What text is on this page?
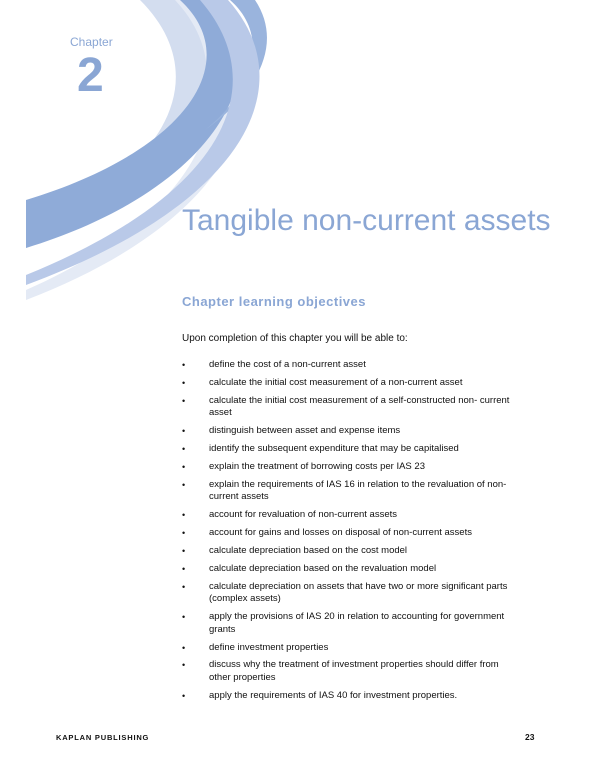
Chapter
2
Tangible non-current assets
Chapter learning objectives

Upon completion of this chapter you will be able to:

•	define the cost of a non-current asset
•	calculate the initial cost measurement of a non-current asset
•	calculate the initial cost measurement of a self-constructed non- current asset
•	distinguish between asset and expense items
•	identify the subsequent expenditure that may be capitalised
•	explain the treatment of borrowing costs per IAS 23
•	explain the requirements of IAS 16 in relation to the revaluation of non-current assets
•	account for revaluation of non-current assets
•	account for gains and losses on disposal of non-current assets
•	calculate depreciation based on the cost model
•	calculate depreciation based on the revaluation model
•	calculate depreciation on assets that have two or more significant parts (complex assets)
•	apply the provisions of IAS 20 in relation to accounting for government grants
•	define investment properties
•	discuss why the treatment of investment properties should differ from other properties
•	apply the requirements of IAS 40 for investment properties.
KAPLAN PUBLISHING	23
